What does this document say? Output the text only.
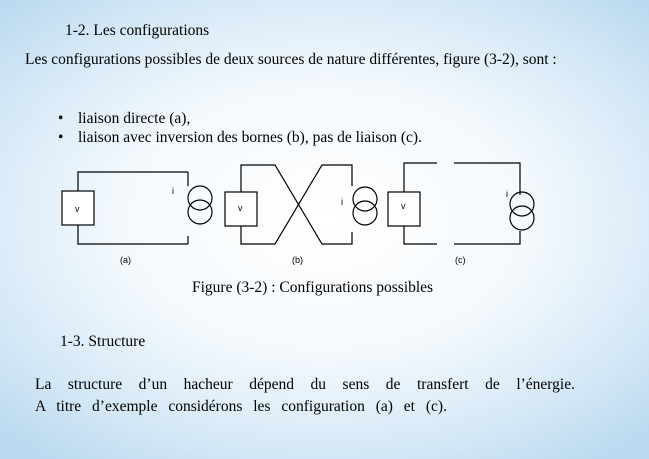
1-2. Les configurations
Les configurations possibles de deux sources de nature différentes, figure (3-2), sont :
• liaison directe (a),
• liaison avec inversion des bornes (b), pas de liaison (c).
v
i
v
i	v
i
(a)	(b)	(c)
Figure (3-2) : Configurations possibles
1-3. Structure
La structure d’un hacheur dépend du sens de transfert de l’énergie.
A titre d’exemple considérons les configuration (a) et (c).
